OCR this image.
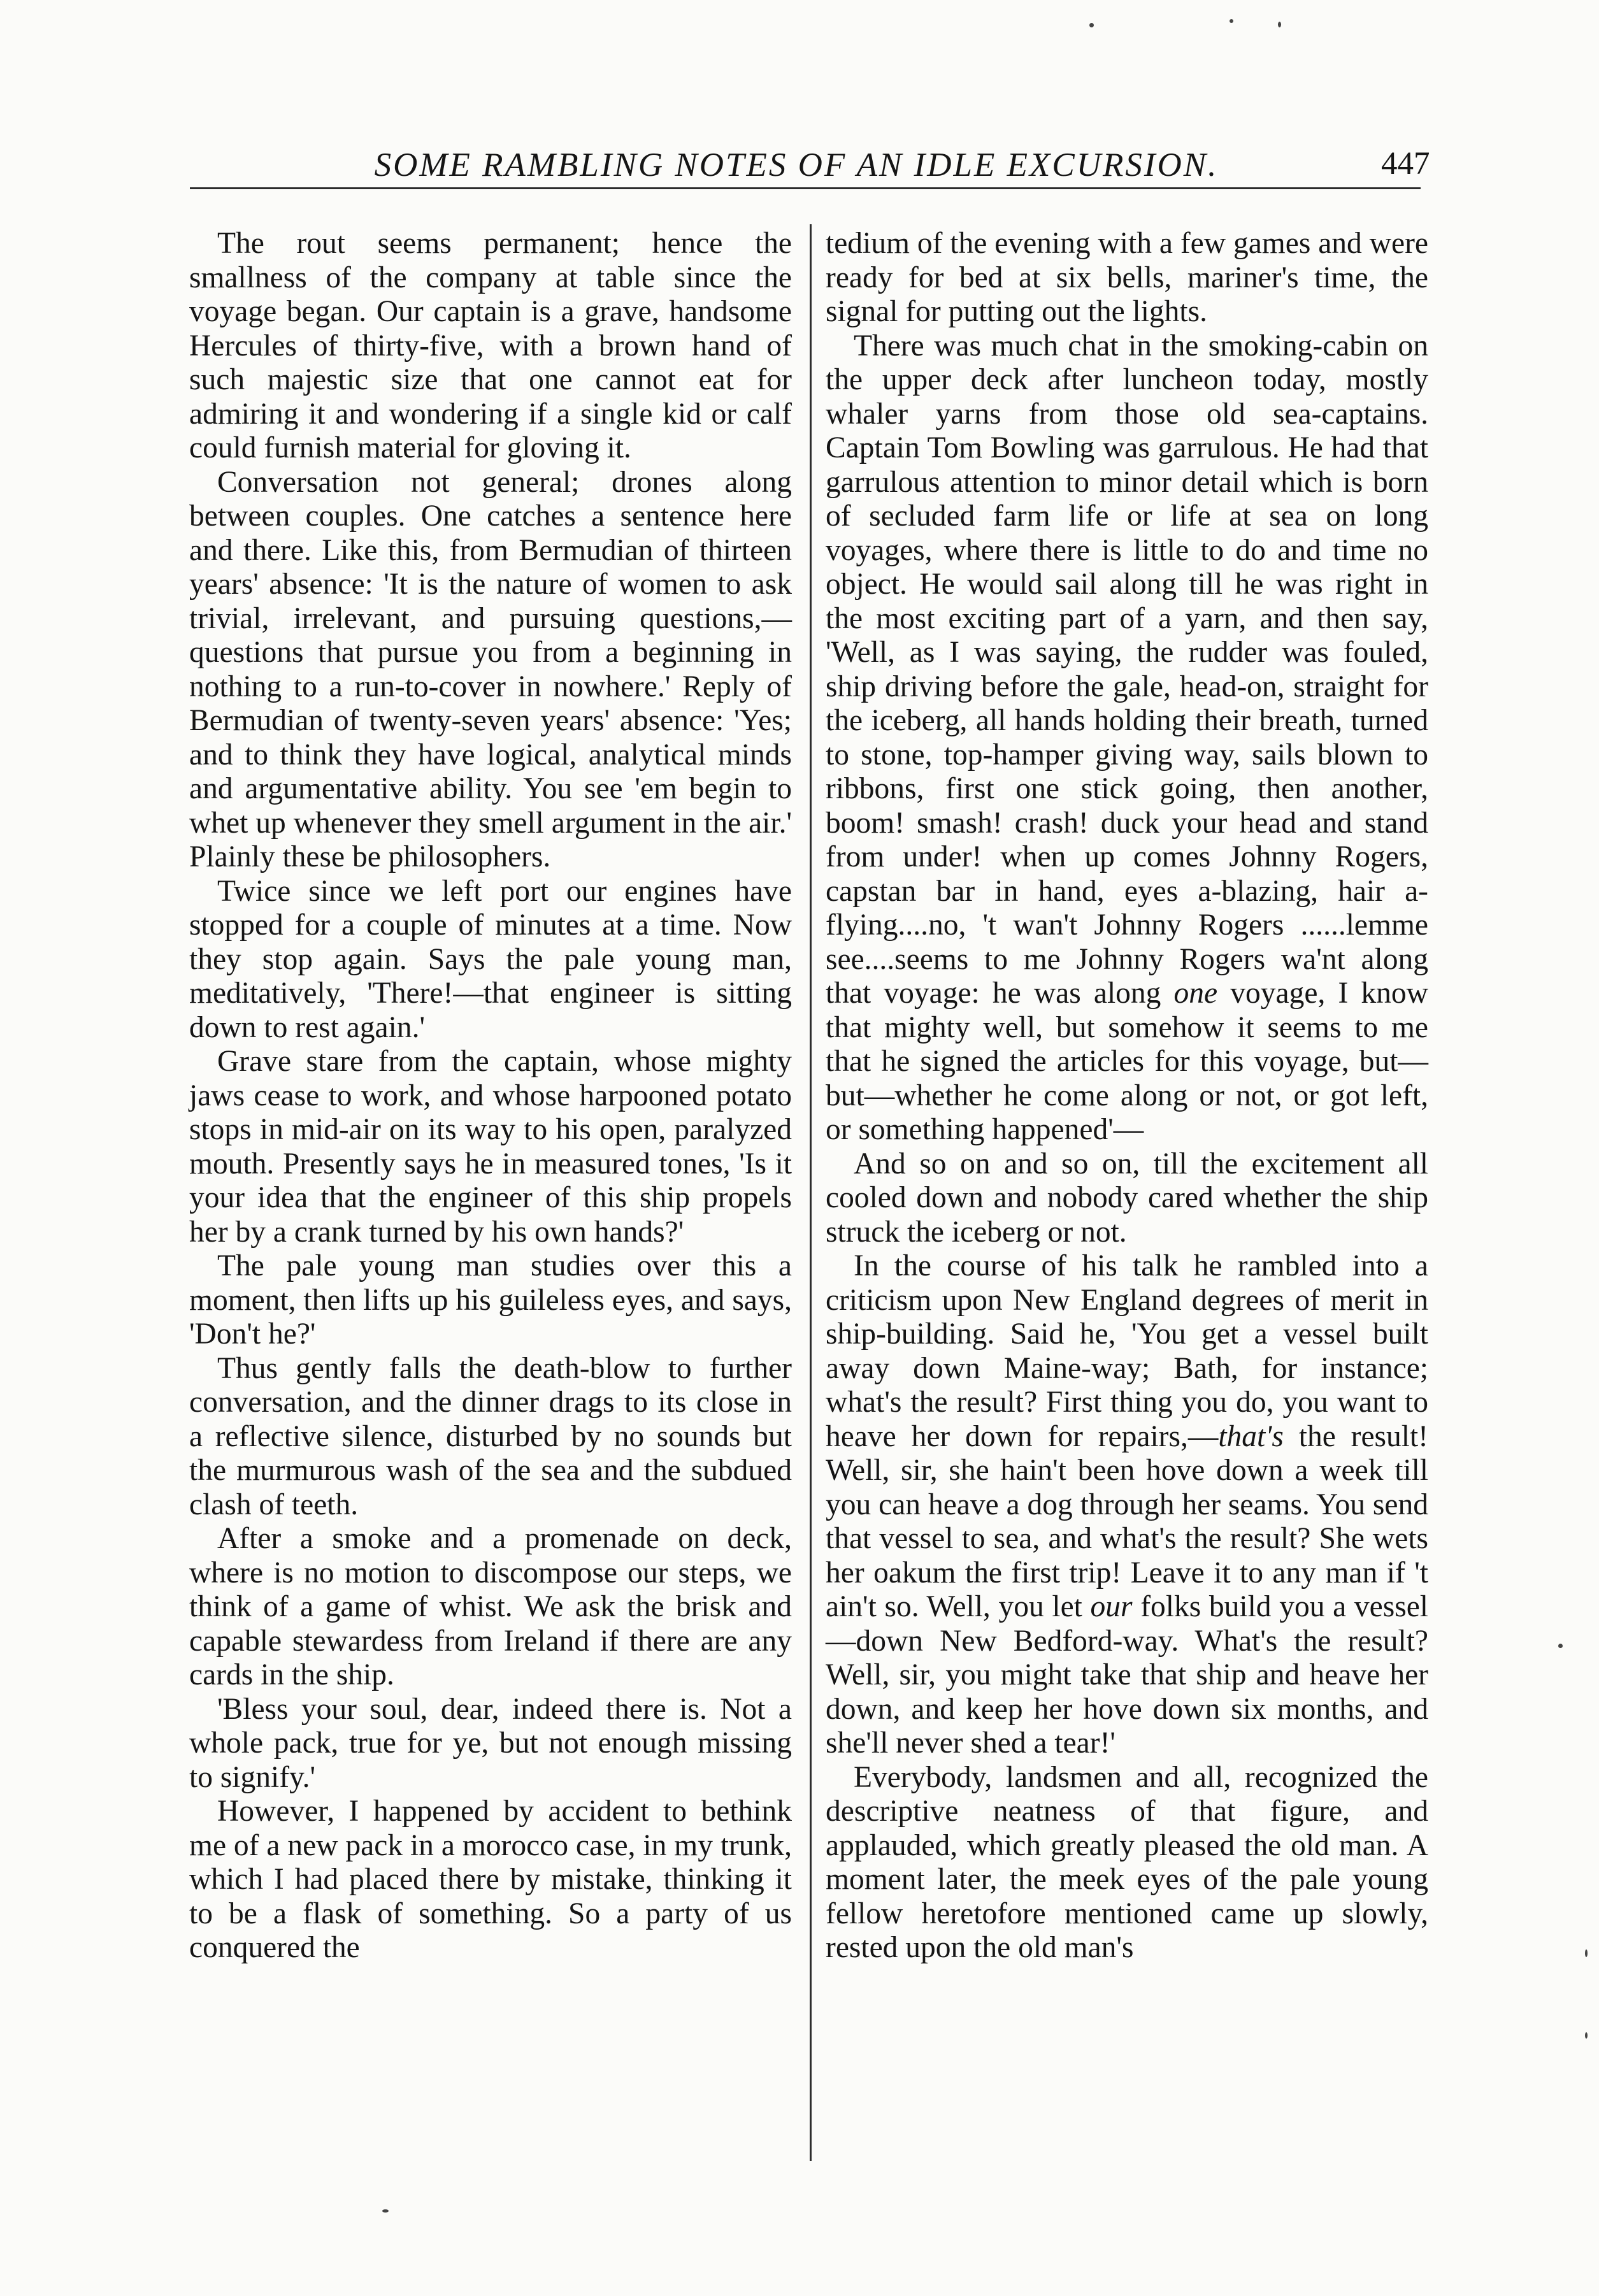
SOME RAMBLING NOTES OF AN IDLE EXCURSION.	447

The rout seems permanent; hence the smallness of the company at table since the voyage began. Our captain is a grave, handsome Hercules of thirty-five, with a brown hand of such majestic size that one cannot eat for admiring it and wondering if a single kid or calf could furnish material for gloving it.

Conversation not general; drones along between couples. One catches a sentence here and there. Like this, from Bermudian of thirteen years' absence: 'It is the nature of women to ask trivial, irrelevant, and pursuing questions,—questions that pursue you from a beginning in nothing to a run-to-cover in nowhere.' Reply of Bermudian of twenty-seven years' absence: 'Yes; and to think they have logical, analytical minds and argumentative ability. You see 'em begin to whet up whenever they smell argument in the air.' Plainly these be philosophers.

Twice since we left port our engines have stopped for a couple of minutes at a time. Now they stop again. Says the pale young man, meditatively, 'There!—that engineer is sitting down to rest again.'

Grave stare from the captain, whose mighty jaws cease to work, and whose harpooned potato stops in mid-air on its way to his open, paralyzed mouth. Presently says he in measured tones, 'Is it your idea that the engineer of this ship propels her by a crank turned by his own hands?'

The pale young man studies over this a moment, then lifts up his guileless eyes, and says, 'Don't he?'

Thus gently falls the death-blow to further conversation, and the dinner drags to its close in a reflective silence, disturbed by no sounds but the murmurous wash of the sea and the subdued clash of teeth.

After a smoke and a promenade on deck, where is no motion to discompose our steps, we think of a game of whist. We ask the brisk and capable stewardess from Ireland if there are any cards in the ship.

'Bless your soul, dear, indeed there is. Not a whole pack, true for ye, but not enough missing to signify.'

However, I happened by accident to bethink me of a new pack in a morocco case, in my trunk, which I had placed there by mistake, thinking it to be a flask of something. So a party of us conquered the

tedium of the evening with a few games and were ready for bed at six bells, mariner's time, the signal for putting out the lights.

There was much chat in the smoking-cabin on the upper deck after luncheon today, mostly whaler yarns from those old sea-captains. Captain Tom Bowling was garrulous. He had that garrulous attention to minor detail which is born of secluded farm life or life at sea on long voyages, where there is little to do and time no object. He would sail along till he was right in the most exciting part of a yarn, and then say, 'Well, as I was saying, the rudder was fouled, ship driving before the gale, head-on, straight for the iceberg, all hands holding their breath, turned to stone, top-hamper giving way, sails blown to ribbons, first one stick going, then another, boom! smash! crash! duck your head and stand from under! when up comes Johnny Rogers, capstan bar in hand, eyes a-blazing, hair a-flying....no, 't wan't Johnny Rogers ......lemme see....seems to me Johnny Rogers wa'nt along that voyage: he was along one voyage, I know that mighty well, but somehow it seems to me that he signed the articles for this voyage, but—but—whether he come along or not, or got left, or something happened'—

And so on and so on, till the excitement all cooled down and nobody cared whether the ship struck the iceberg or not.

In the course of his talk he rambled into a criticism upon New England degrees of merit in ship-building. Said he, 'You get a vessel built away down Maine-way; Bath, for instance; what's the result? First thing you do, you want to heave her down for repairs,—that's the result! Well, sir, she hain't been hove down a week till you can heave a dog through her seams. You send that vessel to sea, and what's the result? She wets her oakum the first trip! Leave it to any man if 't ain't so. Well, you let our folks build you a vessel—down New Bedford-way. What's the result? Well, sir, you might take that ship and heave her down, and keep her hove down six months, and she'll never shed a tear!'

Everybody, landsmen and all, recognized the descriptive neatness of that figure, and applauded, which greatly pleased the old man. A moment later, the meek eyes of the pale young fellow heretofore mentioned came up slowly, rested upon the old man's
